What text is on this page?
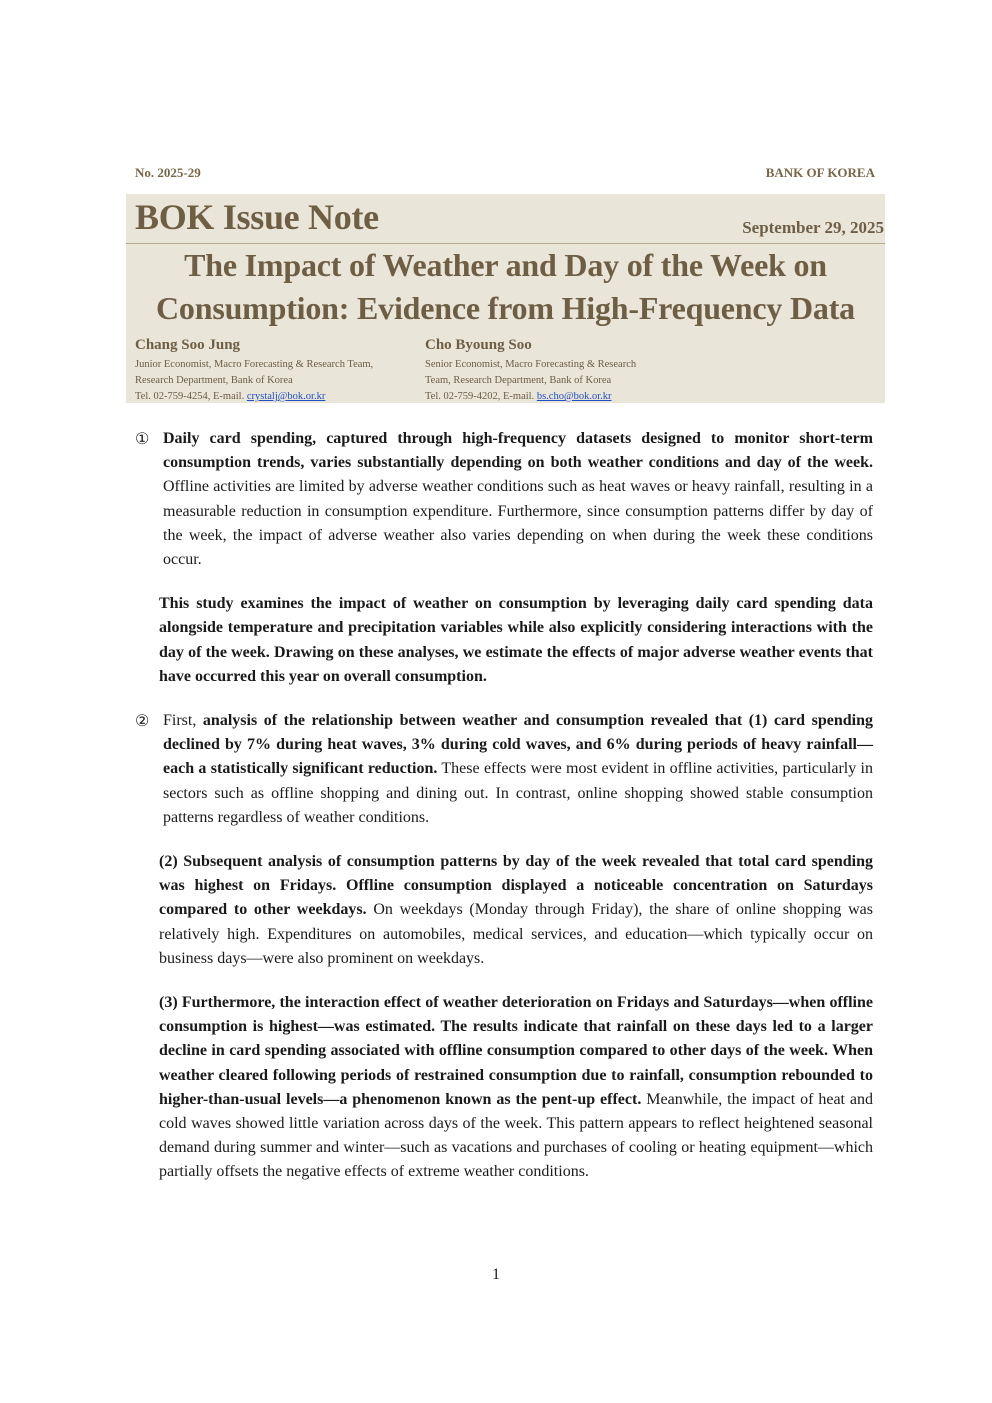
No. 2025-29	BANK OF KOREA
BOK Issue Note	September 29, 2025
The Impact of Weather and Day of the Week on
Consumption: Evidence from High-Frequency Data
Chang Soo Jung
Junior Economist, Macro Forecasting & Research Team,
Research Department, Bank of Korea
Tel. 02-759-4254, E-mail. crystalj@bok.or.kr
Cho Byoung Soo
Senior Economist, Macro Forecasting & Research
Team, Research Department, Bank of Korea
Tel. 02-759-4202, E-mail. bs.cho@bok.or.kr
① Daily card spending, captured through high-frequency datasets designed to monitor short-term consumption trends, varies substantially depending on both weather conditions and day of the week. Offline activities are limited by adverse weather conditions such as heat waves or heavy rainfall, resulting in a measurable reduction in consumption expenditure. Furthermore, since consumption patterns differ by day of the week, the impact of adverse weather also varies depending on when during the week these conditions occur.

This study examines the impact of weather on consumption by leveraging daily card spending data alongside temperature and precipitation variables while also explicitly considering interactions with the day of the week. Drawing on these analyses, we estimate the effects of major adverse weather events that have occurred this year on overall consumption.

② First, analysis of the relationship between weather and consumption revealed that (1) card spending declined by 7% during heat waves, 3% during cold waves, and 6% during periods of heavy rainfall—each a statistically significant reduction. These effects were most evident in offline activities, particularly in sectors such as offline shopping and dining out. In contrast, online shopping showed stable consumption patterns regardless of weather conditions.

(2) Subsequent analysis of consumption patterns by day of the week revealed that total card spending was highest on Fridays. Offline consumption displayed a noticeable concentration on Saturdays compared to other weekdays. On weekdays (Monday through Friday), the share of online shopping was relatively high. Expenditures on automobiles, medical services, and education—which typically occur on business days—were also prominent on weekdays.

(3) Furthermore, the interaction effect of weather deterioration on Fridays and Saturdays—when offline consumption is highest—was estimated. The results indicate that rainfall on these days led to a larger decline in card spending associated with offline consumption compared to other days of the week. When weather cleared following periods of restrained consumption due to rainfall, consumption rebounded to higher-than-usual levels—a phenomenon known as the pent-up effect. Meanwhile, the impact of heat and cold waves showed little variation across days of the week. This pattern appears to reflect heightened seasonal demand during summer and winter—such as vacations and purchases of cooling or heating equipment—which partially offsets the negative effects of extreme weather conditions.

1
